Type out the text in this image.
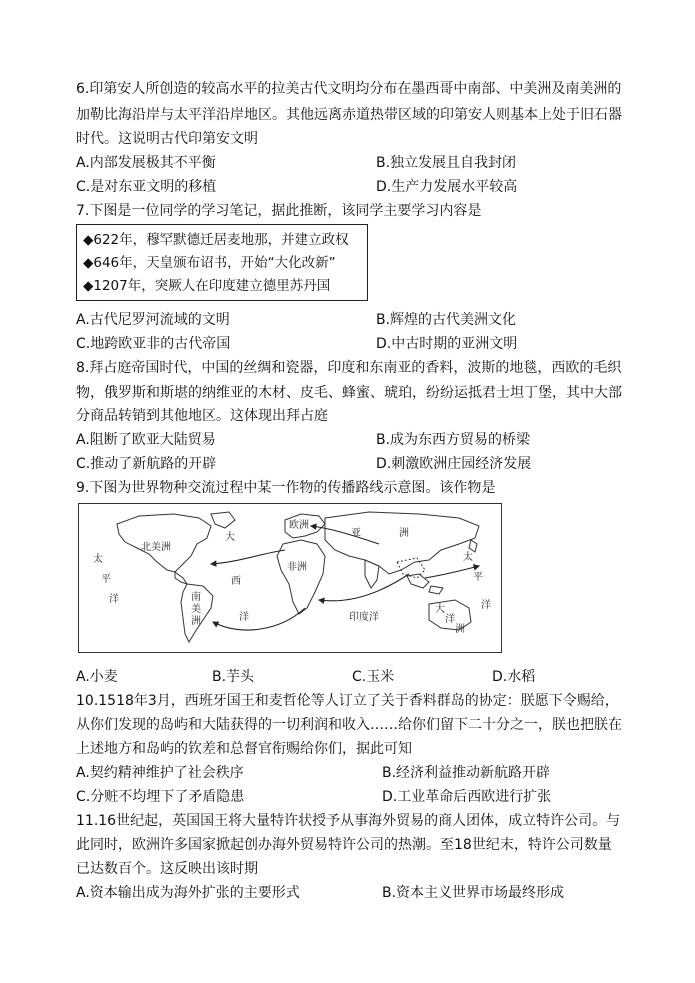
6.印第安人所创造的较高水平的拉美古代文明均分布在墨西哥中南部、中美洲及南美洲的
加勒比海沿岸与太平洋沿岸地区。其他远离赤道热带区域的印第安人则基本上处于旧石器
时代。这说明古代印第安文明
A.内部发展极其不平衡	B.独立发展且自我封闭
C.是对东亚文明的移植	D.生产力发展水平较高
7.下图是一位同学的学习笔记，据此推断，该同学主要学习内容是
◆622年，穆罕默德迁居麦地那，并建立政权
◆646年，天皇颁布诏书，开始“大化改新”
◆1207年，突厥人在印度建立德里苏丹国
A.古代尼罗河流域的文明	B.辉煌的古代美洲文化
C.地跨欧亚非的古代帝国	D.中古时期的亚洲文明
8.拜占庭帝国时代，中国的丝绸和瓷器，印度和东南亚的香料，波斯的地毯，西欧的毛织
物，俄罗斯和斯堪的纳维亚的木材、皮毛、蜂蜜、琥珀，纷纷运抵君士坦丁堡，其中大部
分商品转销到其他地区。这体现出拜占庭
A.阻断了欧亚大陆贸易	B.成为东西方贸易的桥梁
C.推动了新航路的开辟	D.刺激欧洲庄园经济发展
9.下图为世界物种交流过程中某一作物的传播路线示意图。该作物是
太
平
洋
北美洲
大
西
洋
南
美
洲
欧洲
非洲
亚	洲
印度洋
太
平
洋
大
洋
洲
A.小麦	B.芋头	C.玉米	D.水稻
10.1518年3月，西班牙国王和麦哲伦等人订立了关于香料群岛的协定：朕愿下令赐给，
从你们发现的岛屿和大陆获得的一切利润和收入……给你们留下二十分之一，朕也把朕在
上述地方和岛屿的钦差和总督官衔赐给你们，据此可知
A.契约精神维护了社会秩序	B.经济利益推动新航路开辟
C.分赃不均埋下了矛盾隐患	D.工业革命后西欧进行扩张
11.16世纪起，英国国王将大量特许状授予从事海外贸易的商人团体，成立特许公司。与
此同时，欧洲许多国家掀起创办海外贸易特许公司的热潮。至18世纪末，特许公司数量
已达数百个。这反映出该时期
A.资本输出成为海外扩张的主要形式	B.资本主义世界市场最终形成
